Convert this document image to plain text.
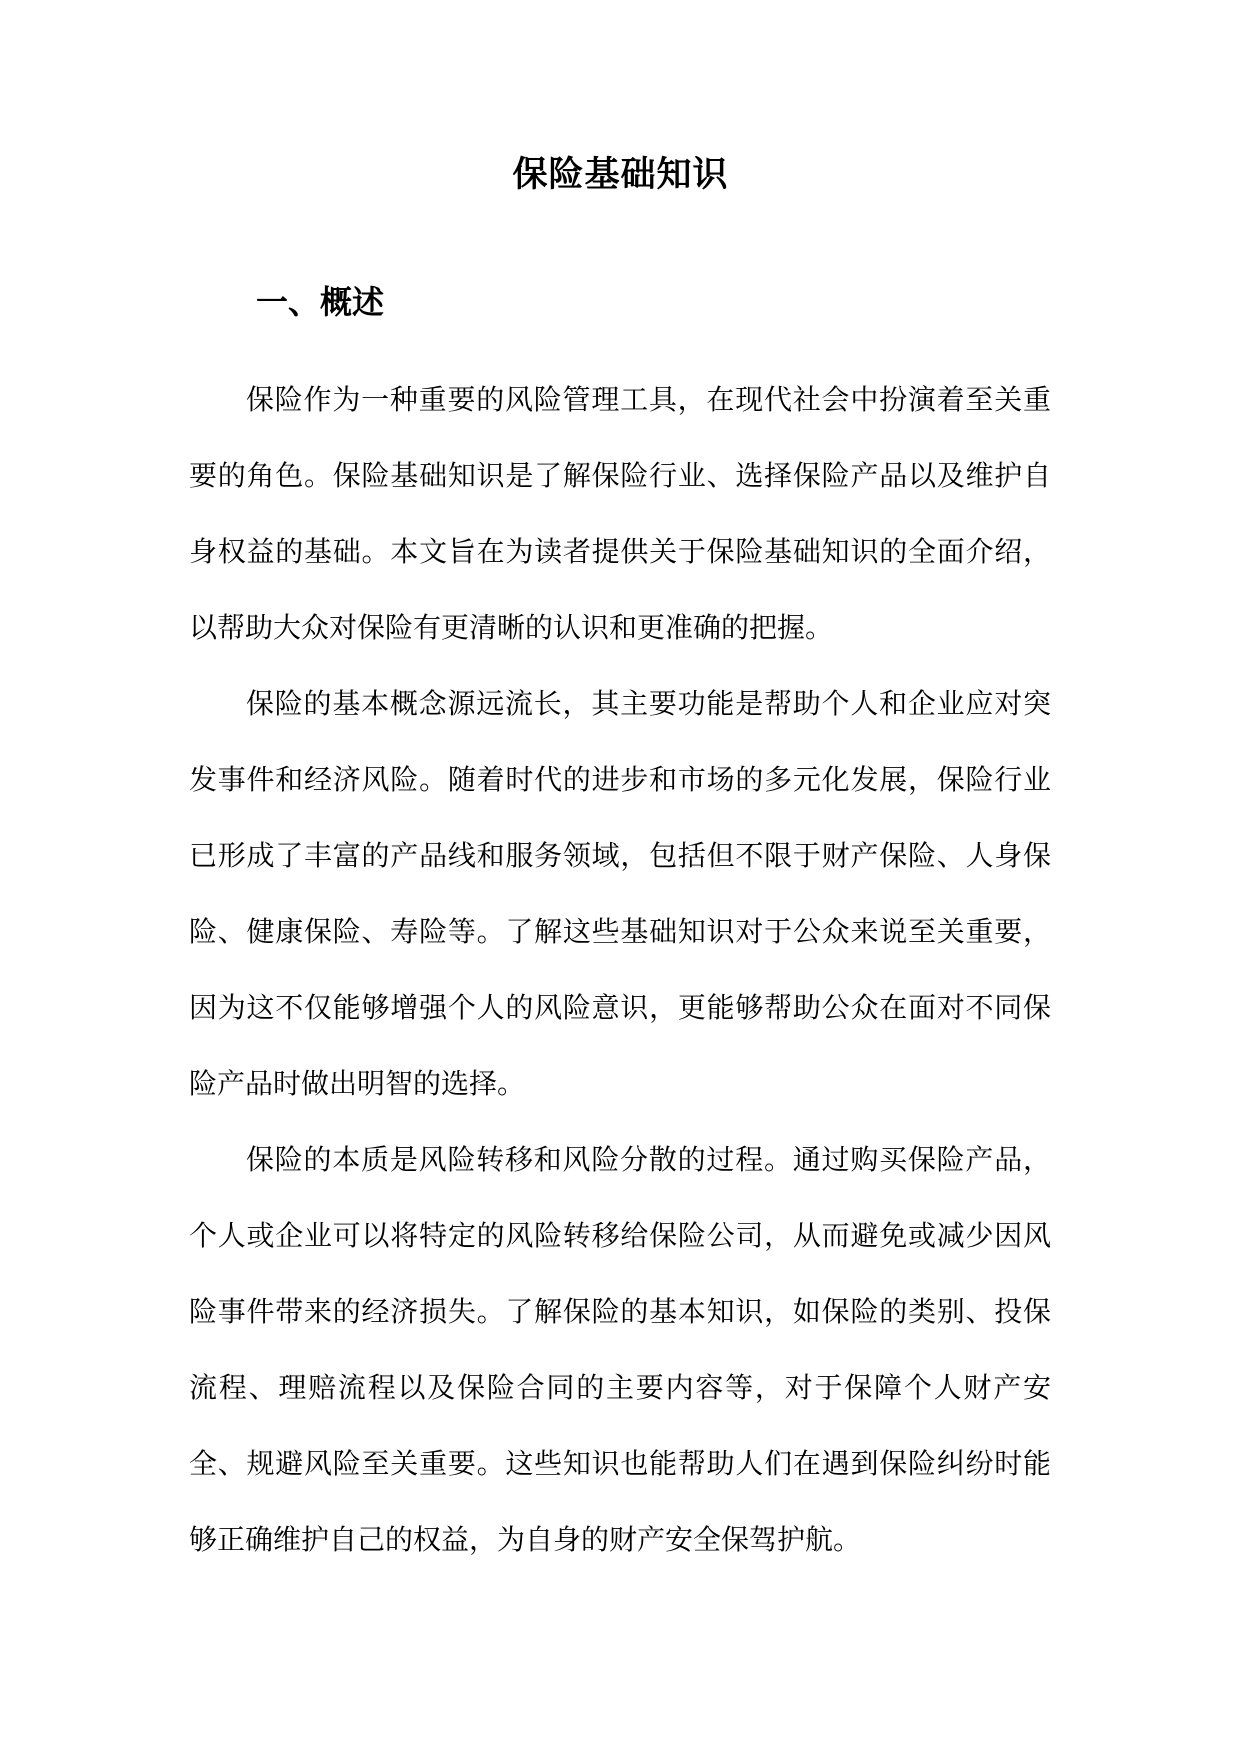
保险基础知识
一、概述

保险作为一种重要的风险管理工具，在现代社会中扮演着至关重要的角色。保险基础知识是了解保险行业、选择保险产品以及维护自身权益的基础。本文旨在为读者提供关于保险基础知识的全面介绍，以帮助大众对保险有更清晰的认识和更准确的把握。

保险的基本概念源远流长，其主要功能是帮助个人和企业应对突发事件和经济风险。随着时代的进步和市场的多元化发展，保险行业已形成了丰富的产品线和服务领域，包括但不限于财产保险、人身保险、健康保险、寿险等。了解这些基础知识对于公众来说至关重要，因为这不仅能够增强个人的风险意识，更能够帮助公众在面对不同保险产品时做出明智的选择。

保险的本质是风险转移和风险分散的过程。通过购买保险产品，个人或企业可以将特定的风险转移给保险公司，从而避免或减少因风险事件带来的经济损失。了解保险的基本知识，如保险的类别、投保流程、理赔流程以及保险合同的主要内容等，对于保障个人财产安全、规避风险至关重要。这些知识也能帮助人们在遇到保险纠纷时能够正确维护自己的权益，为自身的财产安全保驾护航。
